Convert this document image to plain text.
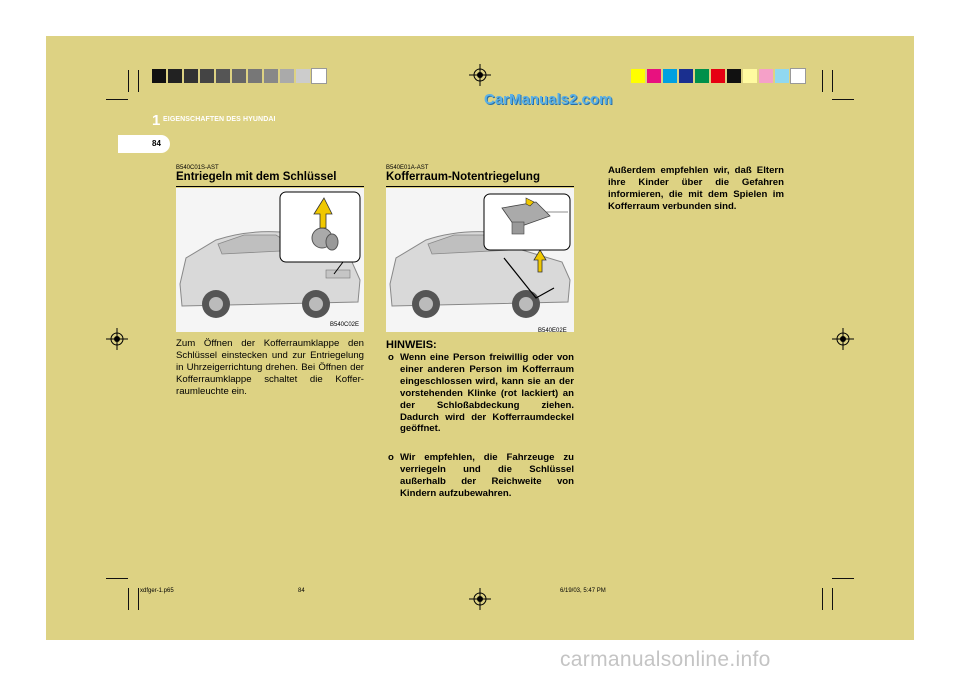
CarManuals2.com
1 EIGENSCHAFTEN DES HYUNDAI
84
B540C01S-AST
Entriegeln mit dem Schlüssel
B540C02E
Zum Öffnen der Kofferraumklappe den Schlüssel einstecken und zur Entriegelung in Uhrzeigerrichtung drehen. Bei Öffnen der Kofferraumklappe schaltet die Koffer-raumleuchte ein.
B540E01A-AST
Kofferraum-Notentriegelung
B540E02E
HINWEIS:
o Wenn eine Person freiwillig oder von einer anderen Person im Kofferraum eingeschlossen wird, kann sie an der vorstehenden Klinke (rot lackiert) an der Schloßabdeckung ziehen. Dadurch wird der Kofferraumdeckel geöffnet.
o Wir empfehlen, die Fahrzeuge zu verriegeln und die Schlüssel außerhalb der Reichweite von Kindern aufzubewahren.
Außerdem empfehlen wir, daß Eltern ihre Kinder über die Gefahren informieren, die mit dem Spielen im Kofferraum verbunden sind.
xdfger-1.p65	84	6/19/03, 5:47 PM
carmanualsonline.info
